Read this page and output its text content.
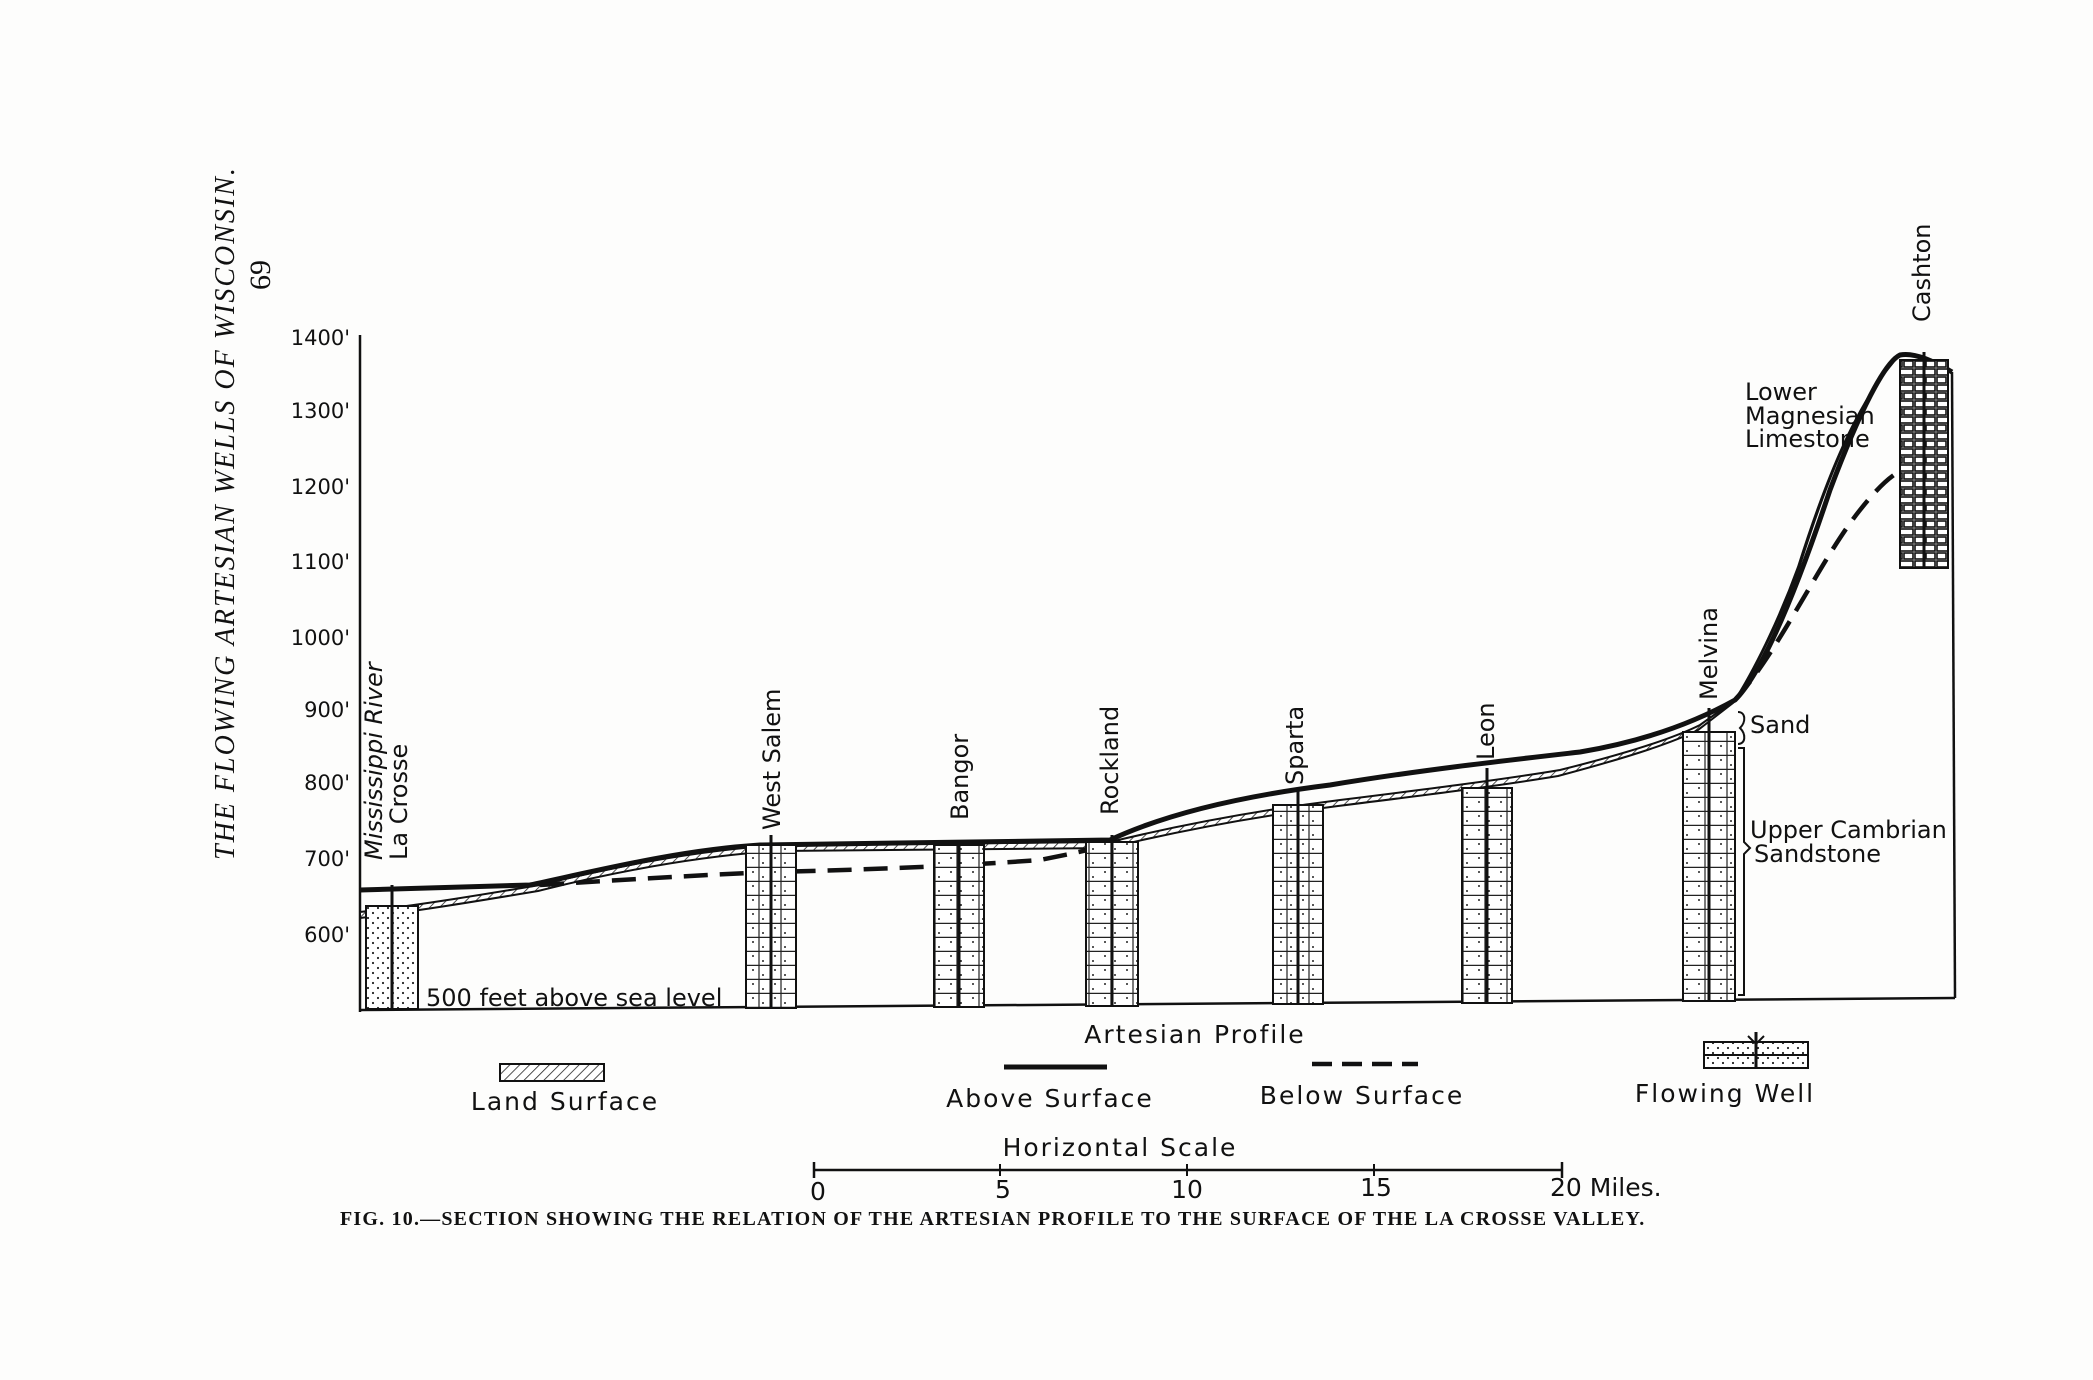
THE FLOWING ARTESIAN WELLS OF WISCONSIN. 69
1400'
1300'
1200'
1100'
1000'
900'
800'
700'
600'
Mississippi River
La Crosse	West Salem	Bangor	Rockland	Sparta	Leon
Melvina
Cashton
500 feet above sea level
Lower
Magnesian
Limestone
Sand
Upper Cambrian
Sandstone
Artesian Profile
Land Surface	Above Surface	Below Surface	Flowing Well
Horizontal Scale
0	5	10	15	20 Miles.
FIG. 10.—SECTION SHOWING THE RELATION OF THE ARTESIAN PROFILE TO THE SURFACE OF THE LA CROSSE VALLEY.
